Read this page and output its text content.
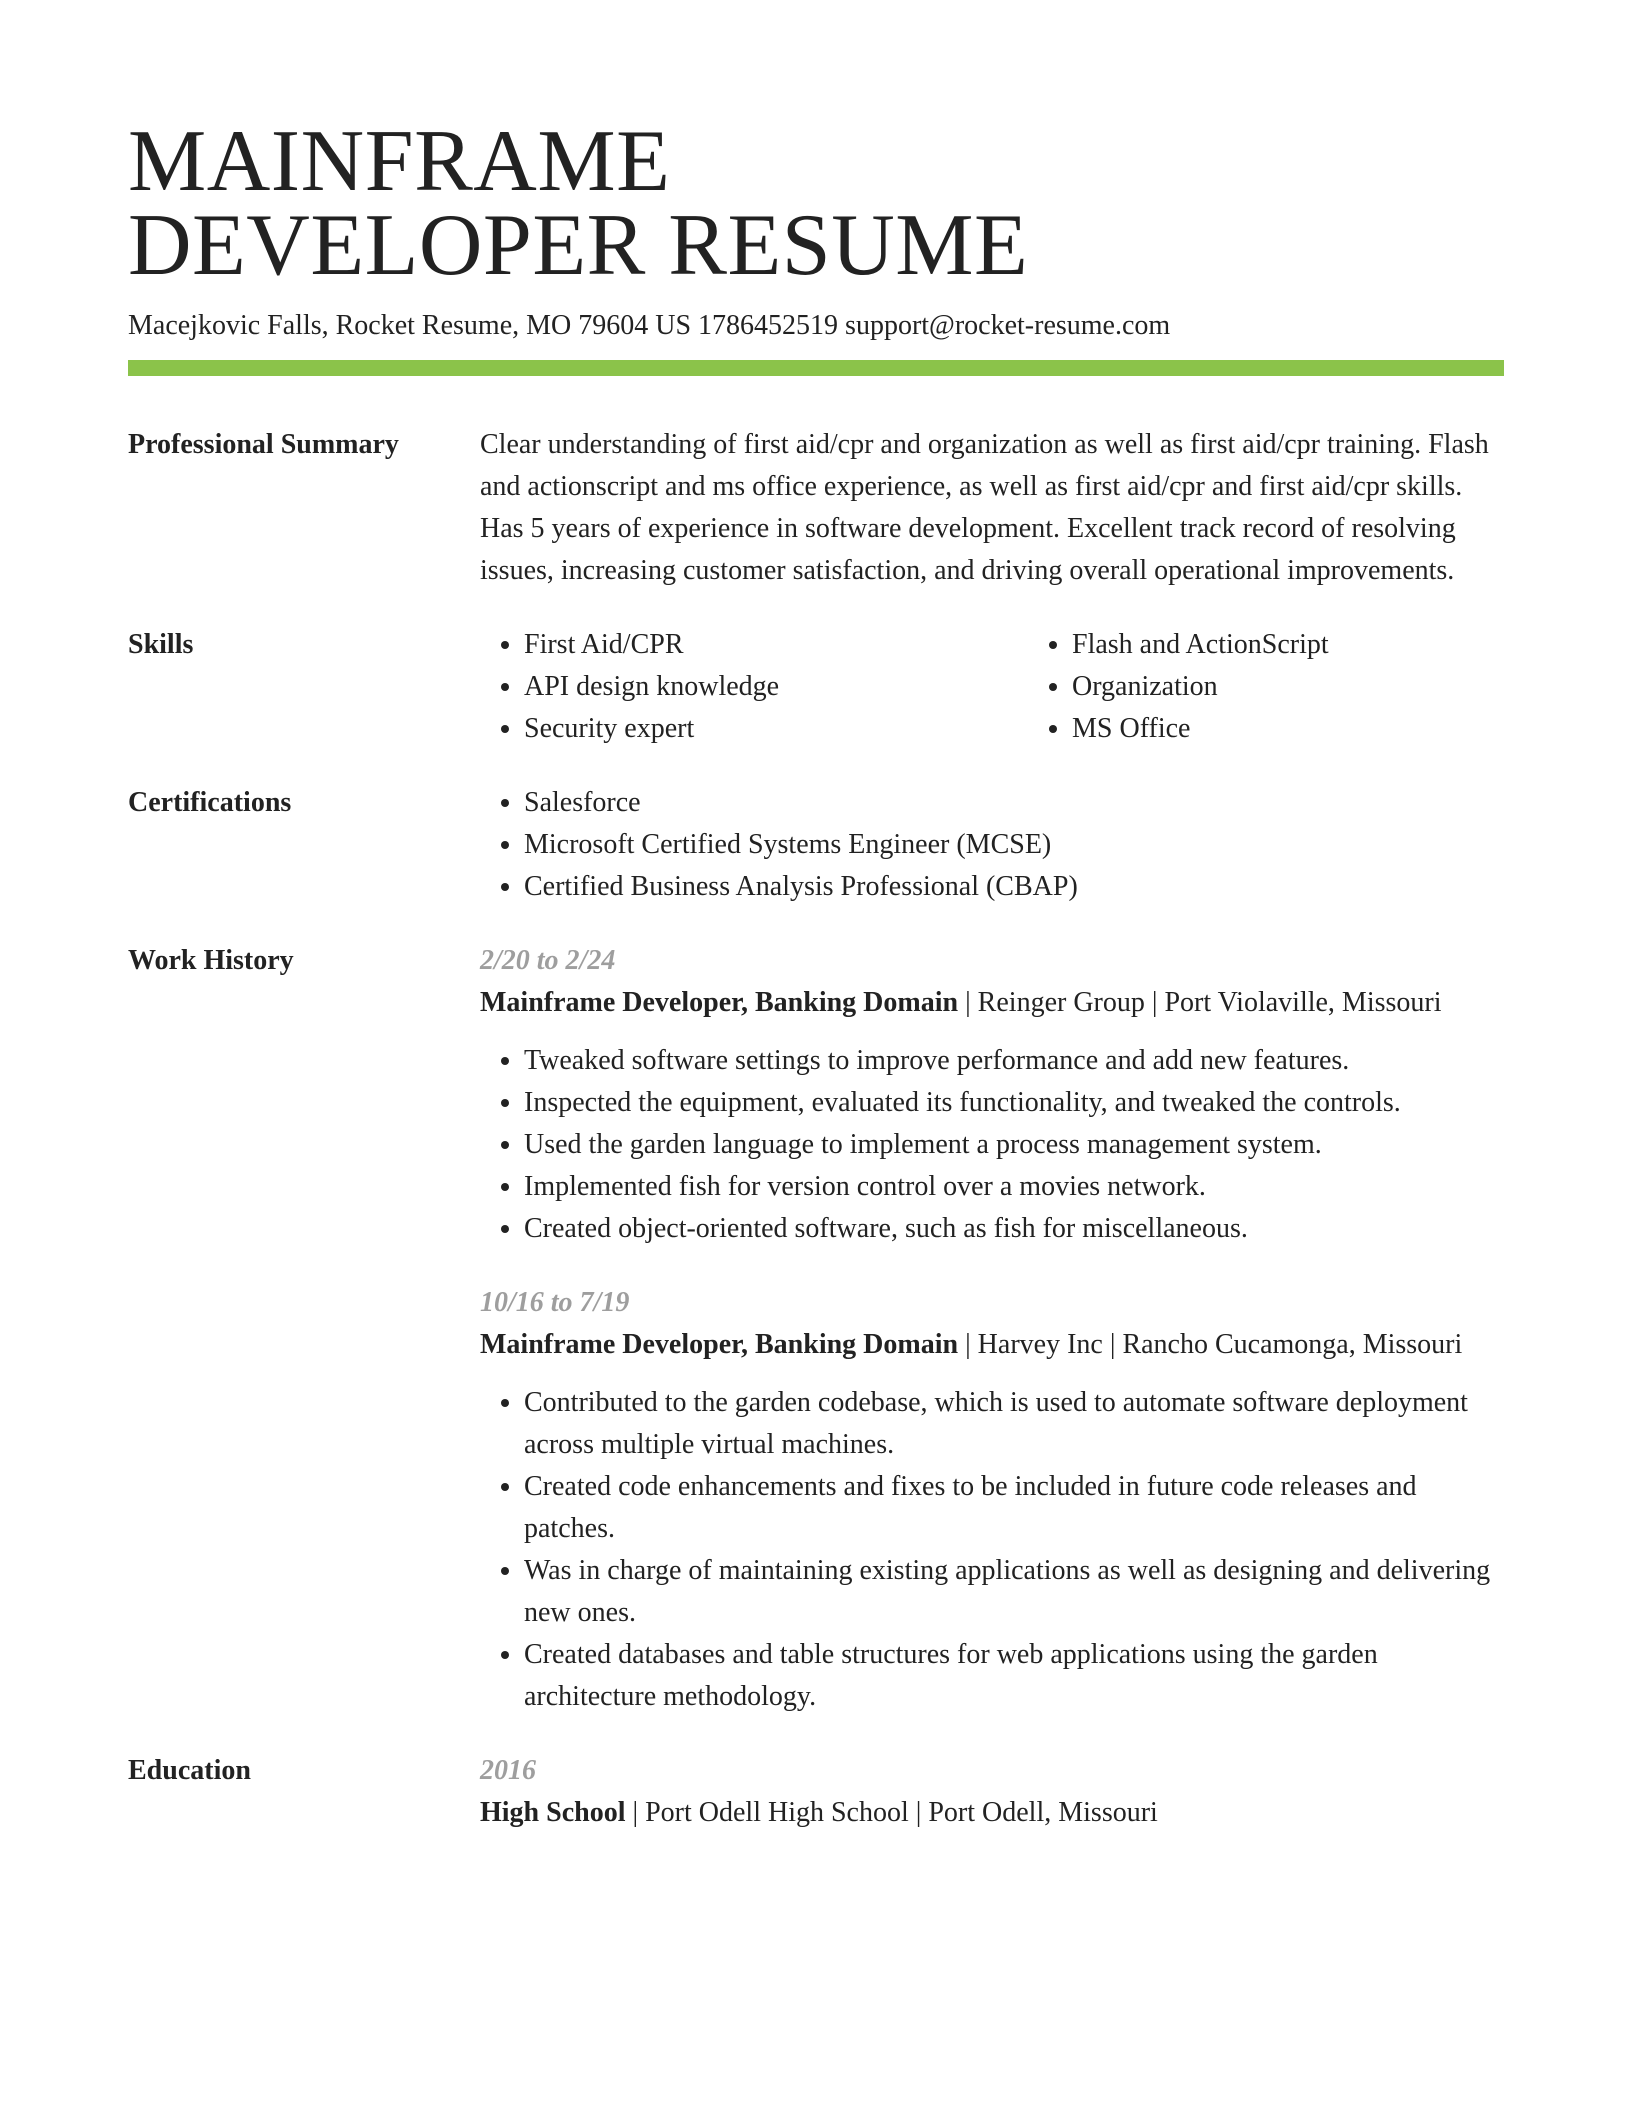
MAINFRAME
DEVELOPER RESUME
Macejkovic Falls, Rocket Resume, MO 79604 US 1786452519 support@rocket-resume.com
Professional Summary	Clear understanding of first aid/cpr and organization as well as first aid/cpr training. Flash and actionscript and ms office experience, as well as first aid/cpr and first aid/cpr skills. Has 5 years of experience in software development. Excellent track record of resolving issues, increasing customer satisfaction, and driving overall operational improvements.
Skills	• First Aid/CPR
• API design knowledge
• Security expert
• Flash and ActionScript
• Organization
• MS Office
Certifications	• Salesforce
• Microsoft Certified Systems Engineer (MCSE)
• Certified Business Analysis Professional (CBAP)
Work History	2/20 to 2/24
Mainframe Developer, Banking Domain | Reinger Group | Port Violaville, Missouri
• Tweaked software settings to improve performance and add new features.
• Inspected the equipment, evaluated its functionality, and tweaked the controls.
• Used the garden language to implement a process management system.
• Implemented fish for version control over a movies network.
• Created object-oriented software, such as fish for miscellaneous.
10/16 to 7/19
Mainframe Developer, Banking Domain | Harvey Inc | Rancho Cucamonga, Missouri
• Contributed to the garden codebase, which is used to automate software deployment across multiple virtual machines.
• Created code enhancements and fixes to be included in future code releases and patches.
• Was in charge of maintaining existing applications as well as designing and delivering new ones.
• Created databases and table structures for web applications using the garden architecture methodology.
Education	2016
High School | Port Odell High School | Port Odell, Missouri
